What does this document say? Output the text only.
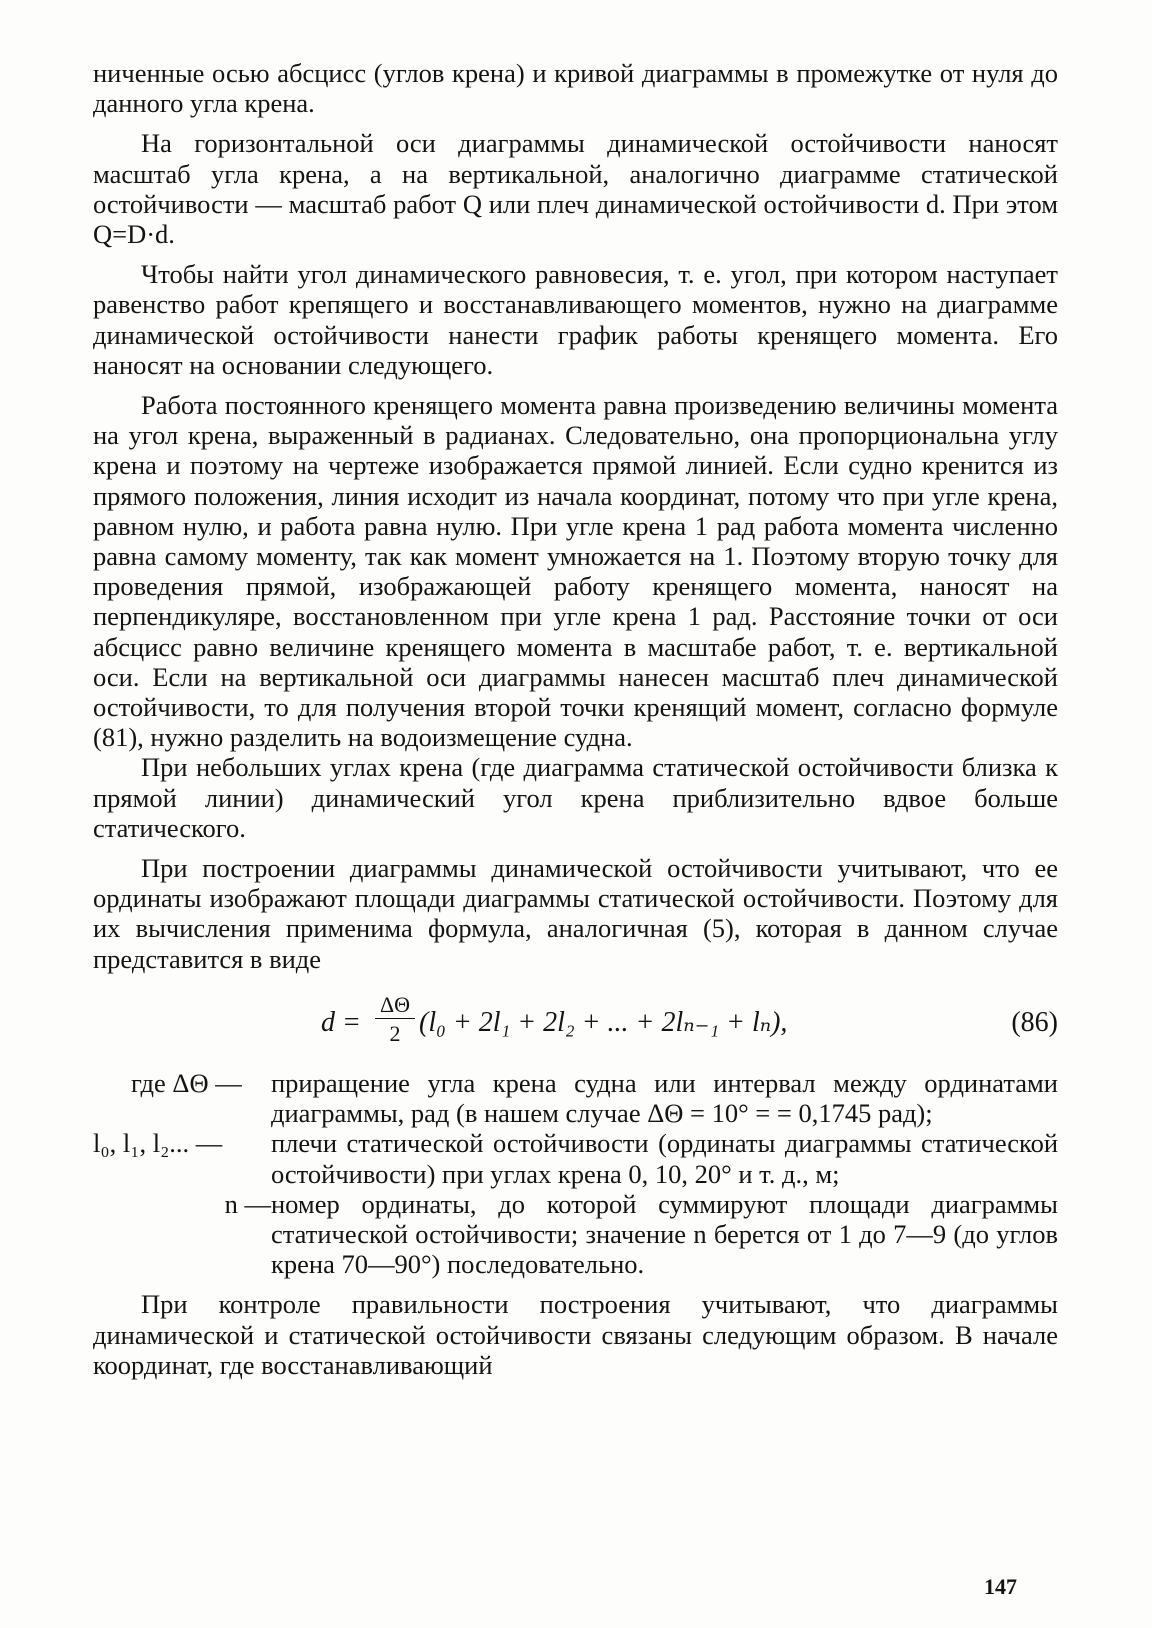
ниченные осью абсцисс (углов крена) и кривой диаграммы в промежутке от нуля до данного угла крена.

На горизонтальной оси диаграммы динамической остойчивости наносят масштаб угла крена, а на вертикальной, аналогично диаграмме статической остойчивости — масштаб работ Q или плеч динамической остойчивости d. При этом Q=D·d.

Чтобы найти угол динамического равновесия, т. е. угол, при котором наступает равенство работ крепящего и восстанавливающего моментов, нужно на диаграмме динамической остойчивости нанести график работы кренящего момента. Его наносят на основании следующего.

Работа постоянного кренящего момента равна произведению величины момента на угол крена, выраженный в радианах. Следовательно, она пропорциональна углу крена и поэтому на чертеже изображается прямой линией. Если судно кренится из прямого положения, линия исходит из начала координат, потому что при угле крена, равном нулю, и работа равна нулю. При угле крена 1 рад работа момента численно равна самому моменту, так как момент умножается на 1. Поэтому вторую точку для проведения прямой, изображающей работу кренящего момента, наносят на перпендикуляре, восстановленном при угле крена 1 рад. Расстояние точки от оси абсцисс равно величине кренящего момента в масштабе работ, т. е. вертикальной оси. Если на вертикальной оси диаграммы нанесен масштаб плеч динамической остойчивости, то для получения второй точки кренящий момент, согласно формуле (81), нужно разделить на водоизмещение судна.

При небольших углах крена (где диаграмма статической остойчивости близка к прямой линии) динамический угол крена приблизительно вдвое больше статического.

При построении диаграммы динамической остойчивости учитывают, что ее ординаты изображают площади диаграммы статической остойчивости. Поэтому для их вычисления применима формула, аналогичная (5), которая в данном случае представится в виде

$d = \frac{\Delta\Theta}{2} (l_0 + 2l_1 + 2l_2$ + ... + 2lₙ₋₁ + lₙ),	(86)
где ΔΘ —	приращение угла крена судна или интервал между ординатами диаграммы, рад (в нашем случае ΔΘ = 10° = = 0,1745 рад);
l₀, l₁, l₂... —	плечи статической остойчивости (ординаты диаграммы статической остойчивости) при углах крена 0, 10, 20° и т. д., м;
n — номер ординаты, до которой суммируют площади диаграммы статической остойчивости; значение n берется от 1 до 7—9 (до углов крена 70—90°) последовательно.

При контроле правильности построения учитывают, что диаграммы динамической и статической остойчивости связаны следующим образом. В начале координат, где восстанавливающий

147
